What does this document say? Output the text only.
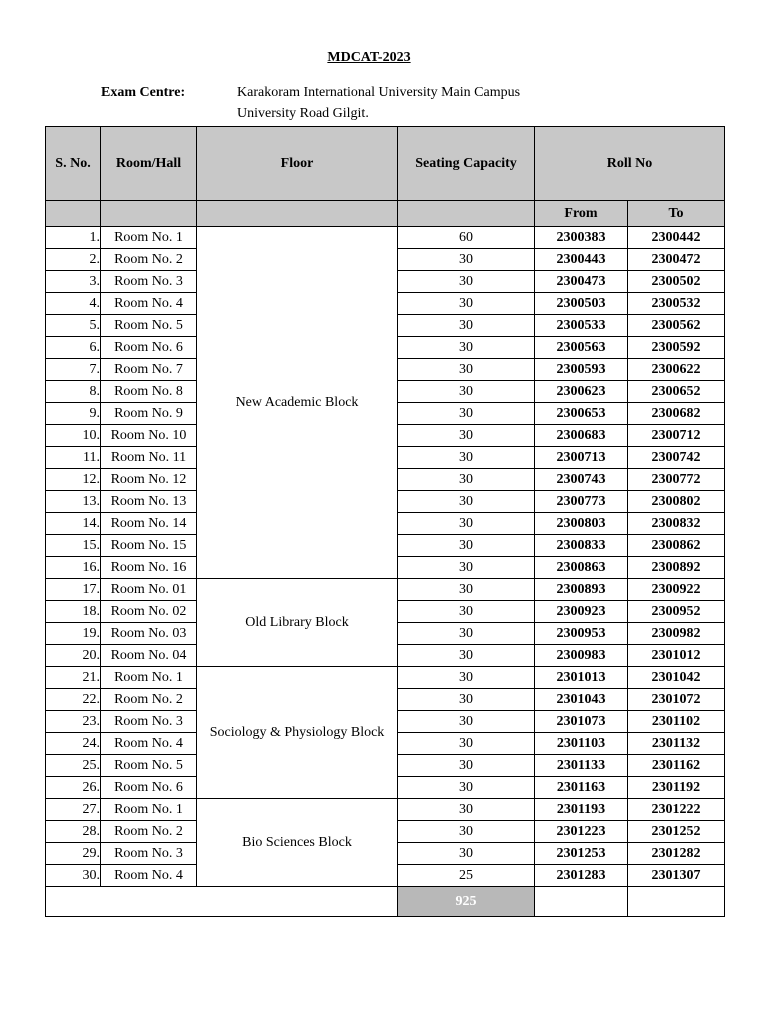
MDCAT-2023
Exam Centre:	Karakoram International University Main Campus
University Road Gilgit.
S. No.	Room/Hall	Floor	Seating Capacity	Roll No	
				From	To
1.	Room No. 1	New Academic Block	60	2300383	2300442
2.	Room No. 2		30	2300443	2300472
3.	Room No. 3		30	2300473	2300502
4.	Room No. 4		30	2300503	2300532
5.	Room No. 5		30	2300533	2300562
6.	Room No. 6		30	2300563	2300592
7.	Room No. 7		30	2300593	2300622
8.	Room No. 8		30	2300623	2300652
9.	Room No. 9		30	2300653	2300682
10.	Room No. 10		30	2300683	2300712
11.	Room No. 11		30	2300713	2300742
12.	Room No. 12		30	2300743	2300772
13.	Room No. 13		30	2300773	2300802
14.	Room No. 14		30	2300803	2300832
15.	Room No. 15		30	2300833	2300862
16.	Room No. 16		30	2300863	2300892
17.	Room No. 01	Old Library Block	30	2300893	2300922
18.	Room No. 02		30	2300923	2300952
19.	Room No. 03		30	2300953	2300982
20.	Room No. 04		30	2300983	2301012
21.	Room No. 1	Sociology & Physiology Block	30	2301013	2301042
22.	Room No. 2		30	2301043	2301072
23.	Room No. 3		30	2301073	2301102
24.	Room No. 4		30	2301103	2301132
25.	Room No. 5		30	2301133	2301162
26.	Room No. 6		30	2301163	2301192
27.	Room No. 1	Bio Sciences Block	30	2301193	2301222
28.	Room No. 2		30	2301223	2301252
29.	Room No. 3		30	2301253	2301282
30.	Room No. 4		25	2301283	2301307
			925		
